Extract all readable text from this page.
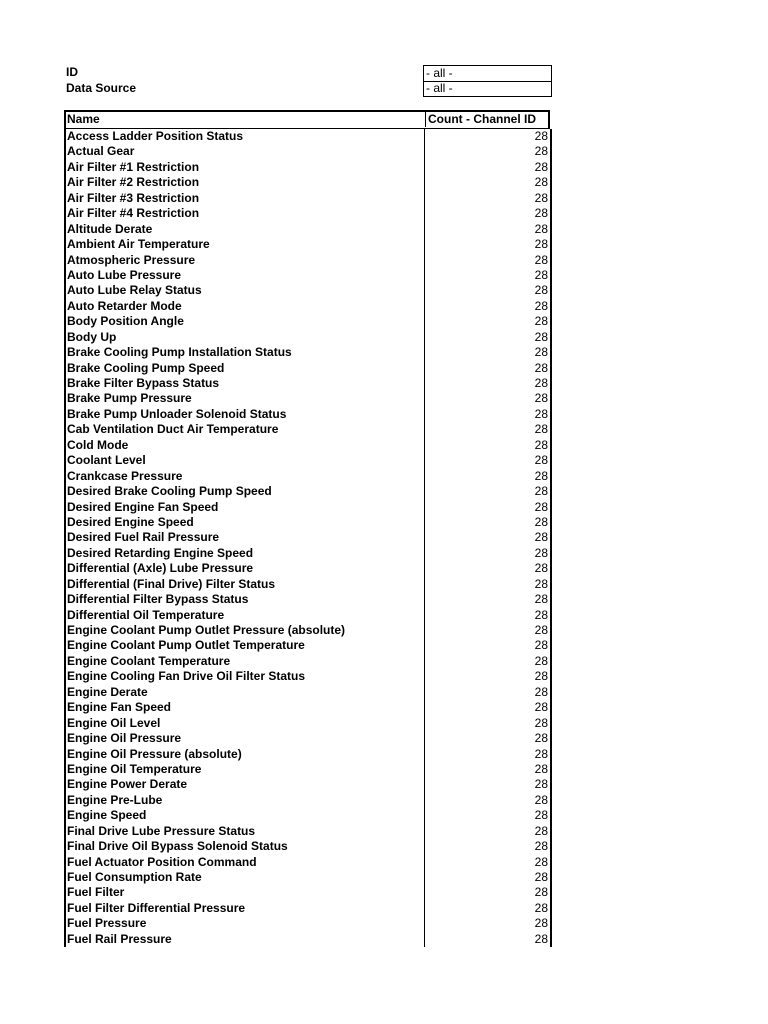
ID	- all -
Data Source	- all -
Name	Count - Channel ID
Access Ladder Position Status	28
Actual Gear	28
Air Filter #1 Restriction	28
Air Filter #2 Restriction	28
Air Filter #3 Restriction	28
Air Filter #4 Restriction	28
Altitude Derate	28
Ambient Air Temperature	28
Atmospheric Pressure	28
Auto Lube Pressure	28
Auto Lube Relay Status	28
Auto Retarder Mode	28
Body Position Angle	28
Body Up	28
Brake Cooling Pump Installation Status	28
Brake Cooling Pump Speed	28
Brake Filter Bypass Status	28
Brake Pump Pressure	28
Brake Pump Unloader Solenoid Status	28
Cab Ventilation Duct Air Temperature	28
Cold Mode	28
Coolant Level	28
Crankcase Pressure	28
Desired Brake Cooling Pump Speed	28
Desired Engine Fan Speed	28
Desired Engine Speed	28
Desired Fuel Rail Pressure	28
Desired Retarding Engine Speed	28
Differential (Axle) Lube Pressure	28
Differential (Final Drive) Filter Status	28
Differential Filter Bypass Status	28
Differential Oil Temperature	28
Engine Coolant Pump Outlet Pressure (absolute)	28
Engine Coolant Pump Outlet Temperature	28
Engine Coolant Temperature	28
Engine Cooling Fan Drive Oil Filter Status	28
Engine Derate	28
Engine Fan Speed	28
Engine Oil Level	28
Engine Oil Pressure	28
Engine Oil Pressure (absolute)	28
Engine Oil Temperature	28
Engine Power Derate	28
Engine Pre-Lube	28
Engine Speed	28
Final Drive Lube Pressure Status	28
Final Drive Oil Bypass Solenoid Status	28
Fuel Actuator Position Command	28
Fuel Consumption Rate	28
Fuel Filter	28
Fuel Filter Differential Pressure	28
Fuel Pressure	28
Fuel Rail Pressure	28
